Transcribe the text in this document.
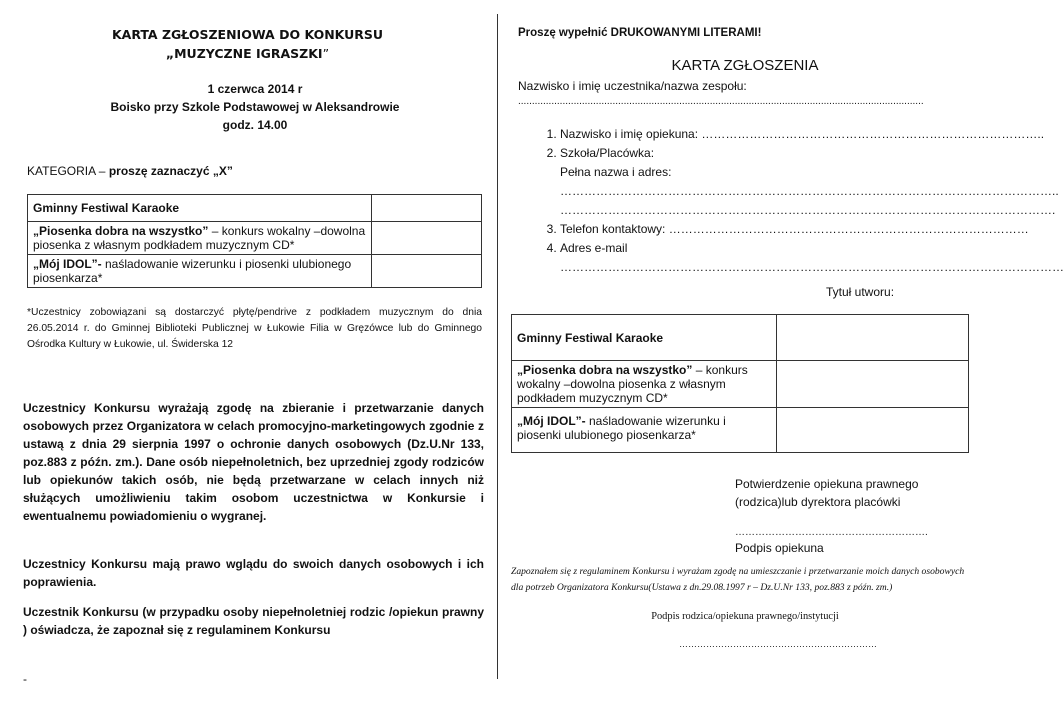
KARTA ZGŁOSZENIOWA DO KONKURSU
„MUZYCZNE IGRASZKI”
1 czerwca 2014 r
Boisko przy Szkole Podstawowej w Aleksandrowie
godz. 14.00
KATEGORIA – proszę zaznaczyć „X”
Gminny Festiwal Karaoke	
„Piosenka dobra na wszystko” – konkurs wokalny –dowolna piosenka z własnym podkładem muzycznym CD*	
„Mój IDOL”- naśladowanie wizerunku i piosenki ulubionego piosenkarza*	
*Uczestnicy zobowiązani są dostarczyć płytę/pendrive z podkładem muzycznym do dnia 26.05.2014 r. do Gminnej Biblioteki Publicznej w Łukowie Filia w Gręzówce lub do Gminnego Ośrodka Kultury w Łukowie, ul. Świderska 12
Uczestnicy Konkursu wyrażają zgodę na zbieranie i przetwarzanie danych osobowych przez Organizatora w celach promocyjno-marketingowych zgodnie z ustawą z dnia 29 sierpnia 1997 o ochronie danych osobowych (Dz.U.Nr 133, poz.883 z późn. zm.). Dane osób niepełnoletnich, bez uprzedniej zgody rodziców lub opiekunów takich osób, nie będą przetwarzane w celach innych niż służących umożliwieniu takim osobom uczestnictwa w Konkursie i ewentualnemu powiadomieniu o wygranej.
Uczestnicy Konkursu mają prawo wglądu do swoich danych osobowych i ich poprawienia.
Uczestnik Konkursu (w przypadku osoby niepełnoletniej rodzic /opiekun prawny ) oświadcza, że zapoznał się z regulaminem Konkursu
-
Proszę wypełnić DRUKOWANYMI LITERAMI!
KARTA ZGŁOSZENIA
Nazwisko i imię uczestnika/nazwa zespołu:
..................................................................................................................................................
1. Nazwisko i imię opiekuna: …………………………………………………………………………..
2. Szkoła/Placówka:
Pełna nazwa i adres:
……………………………………………………………………………………………………………..
…………………………………………………………………………………………………………….
3. Telefon kontaktowy: ………………………………………………………………………………
4. Adres e-mail
………………………………………………………………………………………………………………
Tytuł utworu:
Gminny Festiwal Karaoke	
„Piosenka dobra na wszystko” – konkurs wokalny –dowolna piosenka z własnym podkładem muzycznym CD*	
„Mój IDOL”- naśladowanie wizerunku i piosenki ulubionego piosenkarza*	
Potwierdzenie opiekuna prawnego
(rodzica)lub dyrektora placówki
………………………………………………….
Podpis opiekuna
Zapoznałem się z regulaminem Konkursu i wyrażam zgodę na umieszczanie i przetwarzanie moich danych osobowych dla potrzeb Organizatora Konkursu(Ustawa z dn.29.08.1997 r – Dz.U.Nr 133, poz.883 z późn. zm.)
Podpis rodzica/opiekuna prawnego/instytucji
…………………………………………………………
